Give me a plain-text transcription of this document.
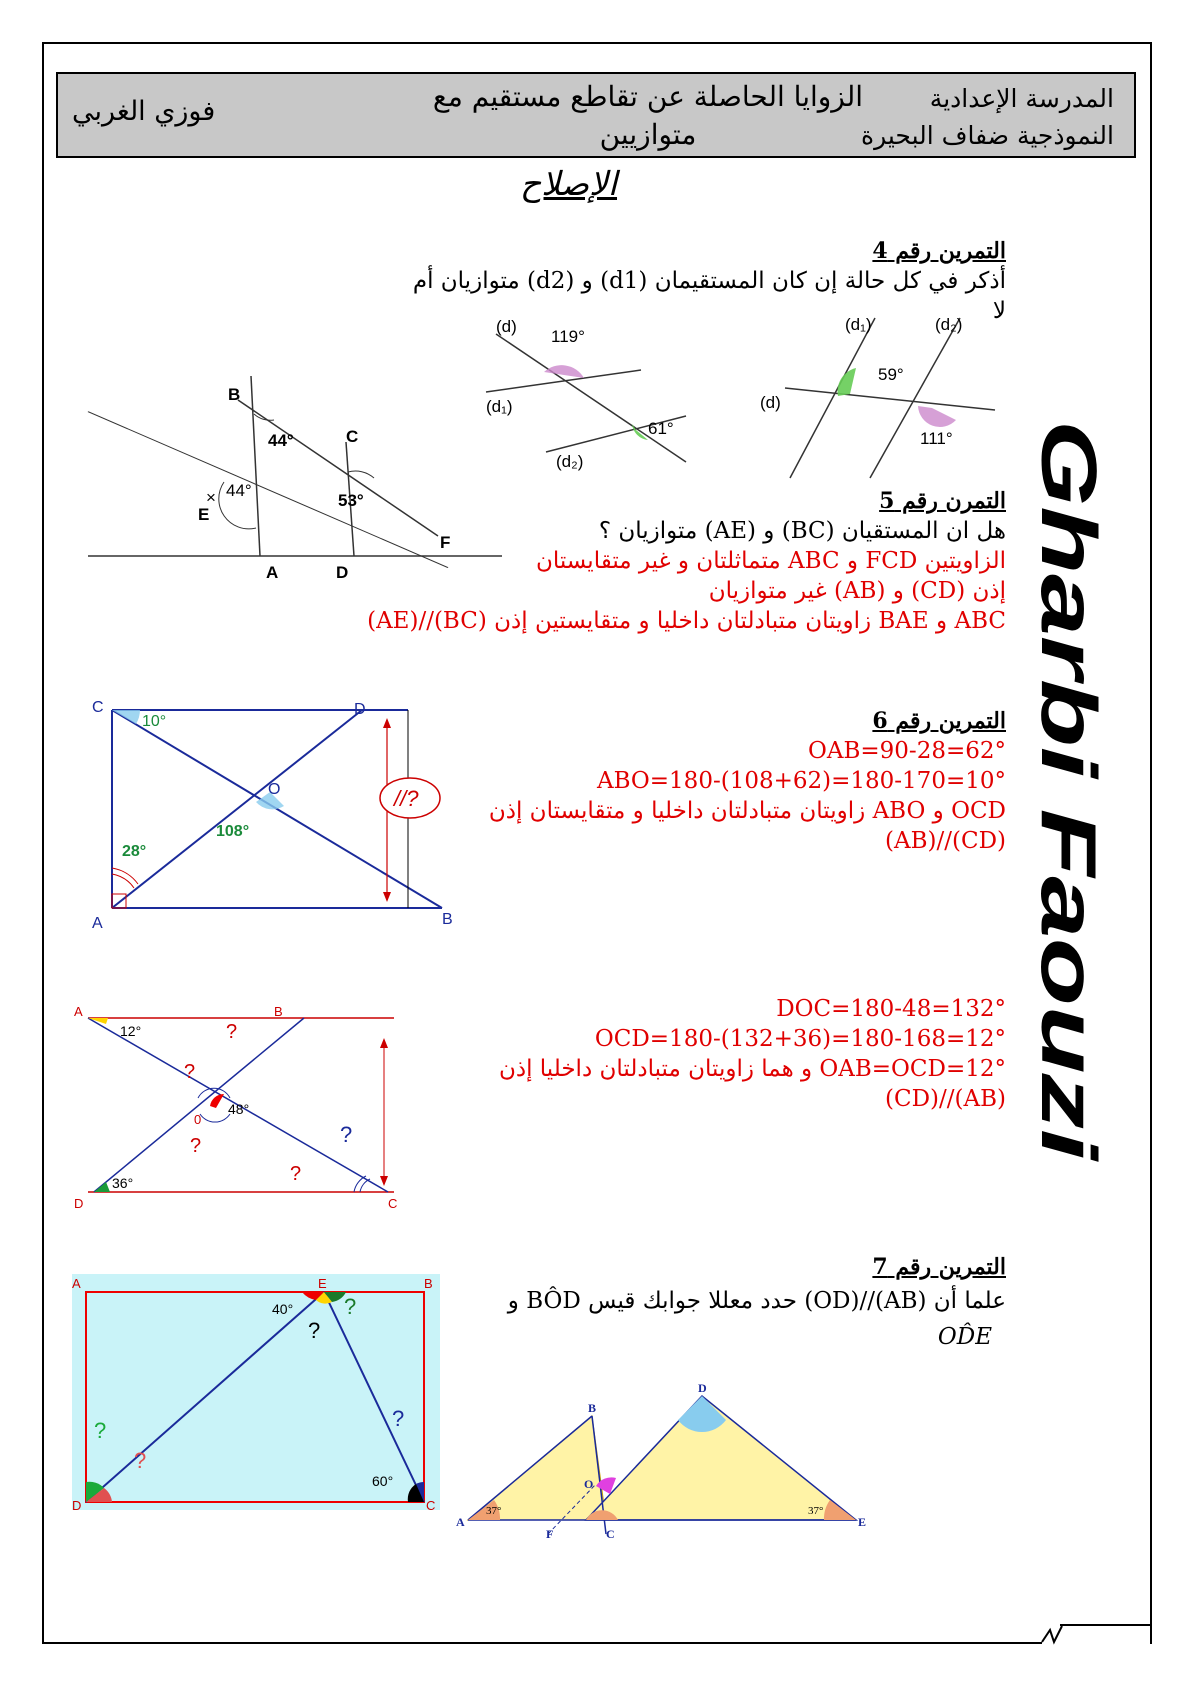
المدرسة الإعدادية
النموذجية ضفاف البحيرة
الزوايا الحاصلة عن تقاطع مستقيم مع
متوازيين
فوزي الغربي
الإصلاح
Gharbi Faouzi
التمرين رقم 4
أذكر في كل حالة إن كان المستقيمان (d1) و (d2) متوازيان أم لا
(d)
119°
(d₁)
61°
(d₂)
(d₁)	(d₂)
59°
(d)
111°
44°
44°
53°
B
C
E
×
A	D
F
التمرن رقم 5
هل ان المستقيان (BC) و (AE) متوازيان ؟
الزاويتين FCD و ABC متماثلتان و غير متقايستان
إذن (CD) و (AB) غير متوازيان
ABC و BAE زاويتان متبادلتان داخليا و متقايستين إذن (BC)//(AE)
C
10°
D
O
28°
108°
A	B
//?
التمرين رقم 6
OAB=90-28=62°
ABO=180-(108+62)=180-170=10°
OCD و ABO زاويتان متبادلتان داخليا و متقايستان إذن
(CD)//(AB)
A	B
12°	?
?
48°
0
?	?
?
36°
D	C
DOC=180-48=132°
OCD=180-(132+36)=180-168=12°
OAB=OCD=12° و هما زاويتان متبادلتان داخليا إذن
(AB)//(CD)
التمرين رقم 7
علما أن (AB)//(OD) حدد معللا جوابك قيس BÔD و
OD̂E
A	E	B
40°
?
?
?
?
?
60°
D	C	37°	37°
B
D
O
A
F	C
E
